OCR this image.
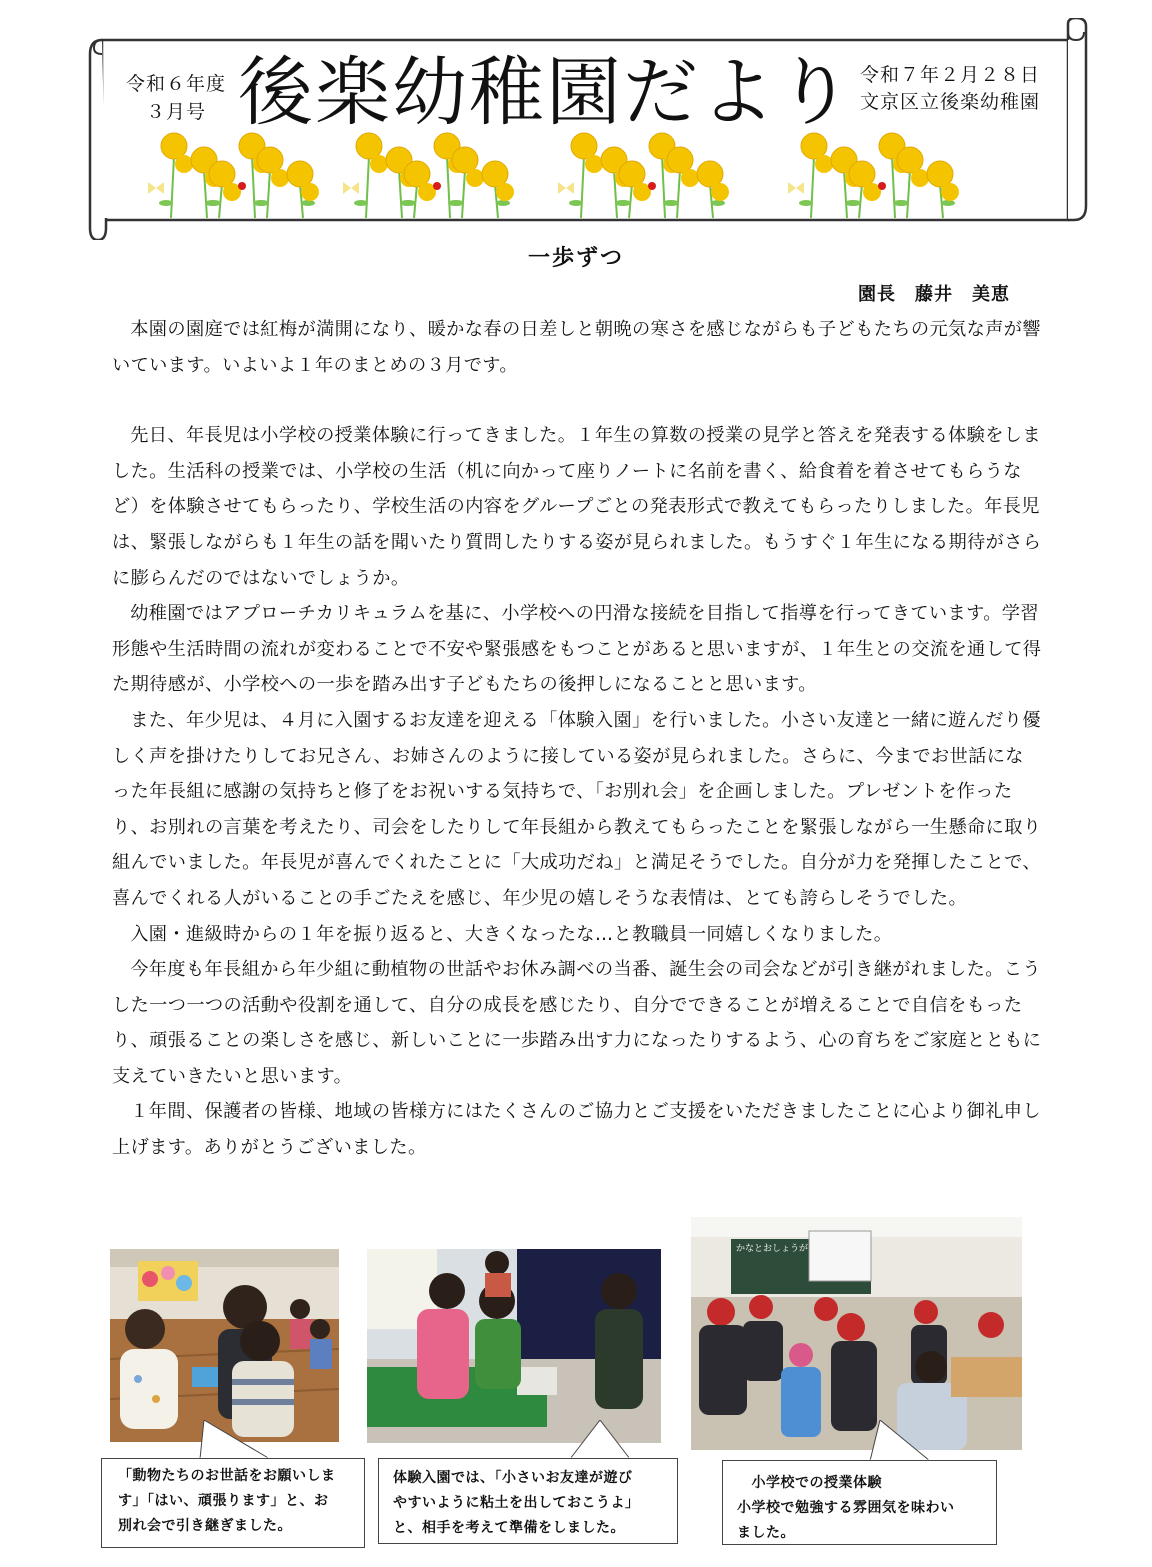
令和６年度
３月号 後楽幼稚園だより 令和７年２月２８日
文京区立後楽幼稚園
一歩ずつ
園長　藤井　美恵

本園の園庭では紅梅が満開になり、暖かな春の日差しと朝晩の寒さを感じながらも子どもたちの元気な声が響いています。いよいよ１年のまとめの３月です。

先日、年長児は小学校の授業体験に行ってきました。１年生の算数の授業の見学と答えを発表する体験をしました。生活科の授業では、小学校の生活（机に向かって座りノートに名前を書く、給食着を着させてもらうなど）を体験させてもらったり、学校生活の内容をグループごとの発表形式で教えてもらったりしました。年長児は、緊張しながらも１年生の話を聞いたり質問したりする姿が見られました。もうすぐ１年生になる期待がさらに膨らんだのではないでしょうか。

幼稚園ではアプローチカリキュラムを基に、小学校への円滑な接続を目指して指導を行ってきています。学習形態や生活時間の流れが変わることで不安や緊張感をもつことがあると思いますが、１年生との交流を通して得た期待感が、小学校への一歩を踏み出す子どもたちの後押しになることと思います。

また、年少児は、４月に入園するお友達を迎える「体験入園」を行いました。小さい友達と一緒に遊んだり優しく声を掛けたりしてお兄さん、お姉さんのように接している姿が見られました。さらに、今までお世話になった年長組に感謝の気持ちと修了をお祝いする気持ちで、「お別れ会」を企画しました。プレゼントを作ったり、お別れの言葉を考えたり、司会をしたりして年長組から教えてもらったことを緊張しながら一生懸命に取り組んでいました。年長児が喜んでくれたことに「大成功だね」と満足そうでした。自分が力を発揮したことで、喜んでくれる人がいることの手ごたえを感じ、年少児の嬉しそうな表情は、とても誇らしそうでした。

入園・進級時からの１年を振り返ると、大きくなったな…と教職員一同嬉しくなりました。

今年度も年長組から年少組に動植物の世話やお休み調べの当番、誕生会の司会などが引き継がれました。こうした一つ一つの活動や役割を通して、自分の成長を感じたり、自分でできることが増えることで自信をもったり、頑張ることの楽しさを感じ、新しいことに一歩踏み出す力になったりするよう、心の育ちをご家庭とともに支えていきたいと思います。

１年間、保護者の皆様、地域の皆様方にはたくさんのご協力とご支援をいただきましたことに心より御礼申し上げます。ありがとうございました。

かなとおしょうが
「動物たちのお世話をお願いしま
す」「はい、頑張ります」と、お
別れ会で引き継ぎました。
体験入園では、「小さいお友達が遊び
やすいように粘土を出しておこうよ」
と、相手を考えて準備をしました。
　小学校での授業体験
小学校で勉強する雰囲気を味わい
ました。
